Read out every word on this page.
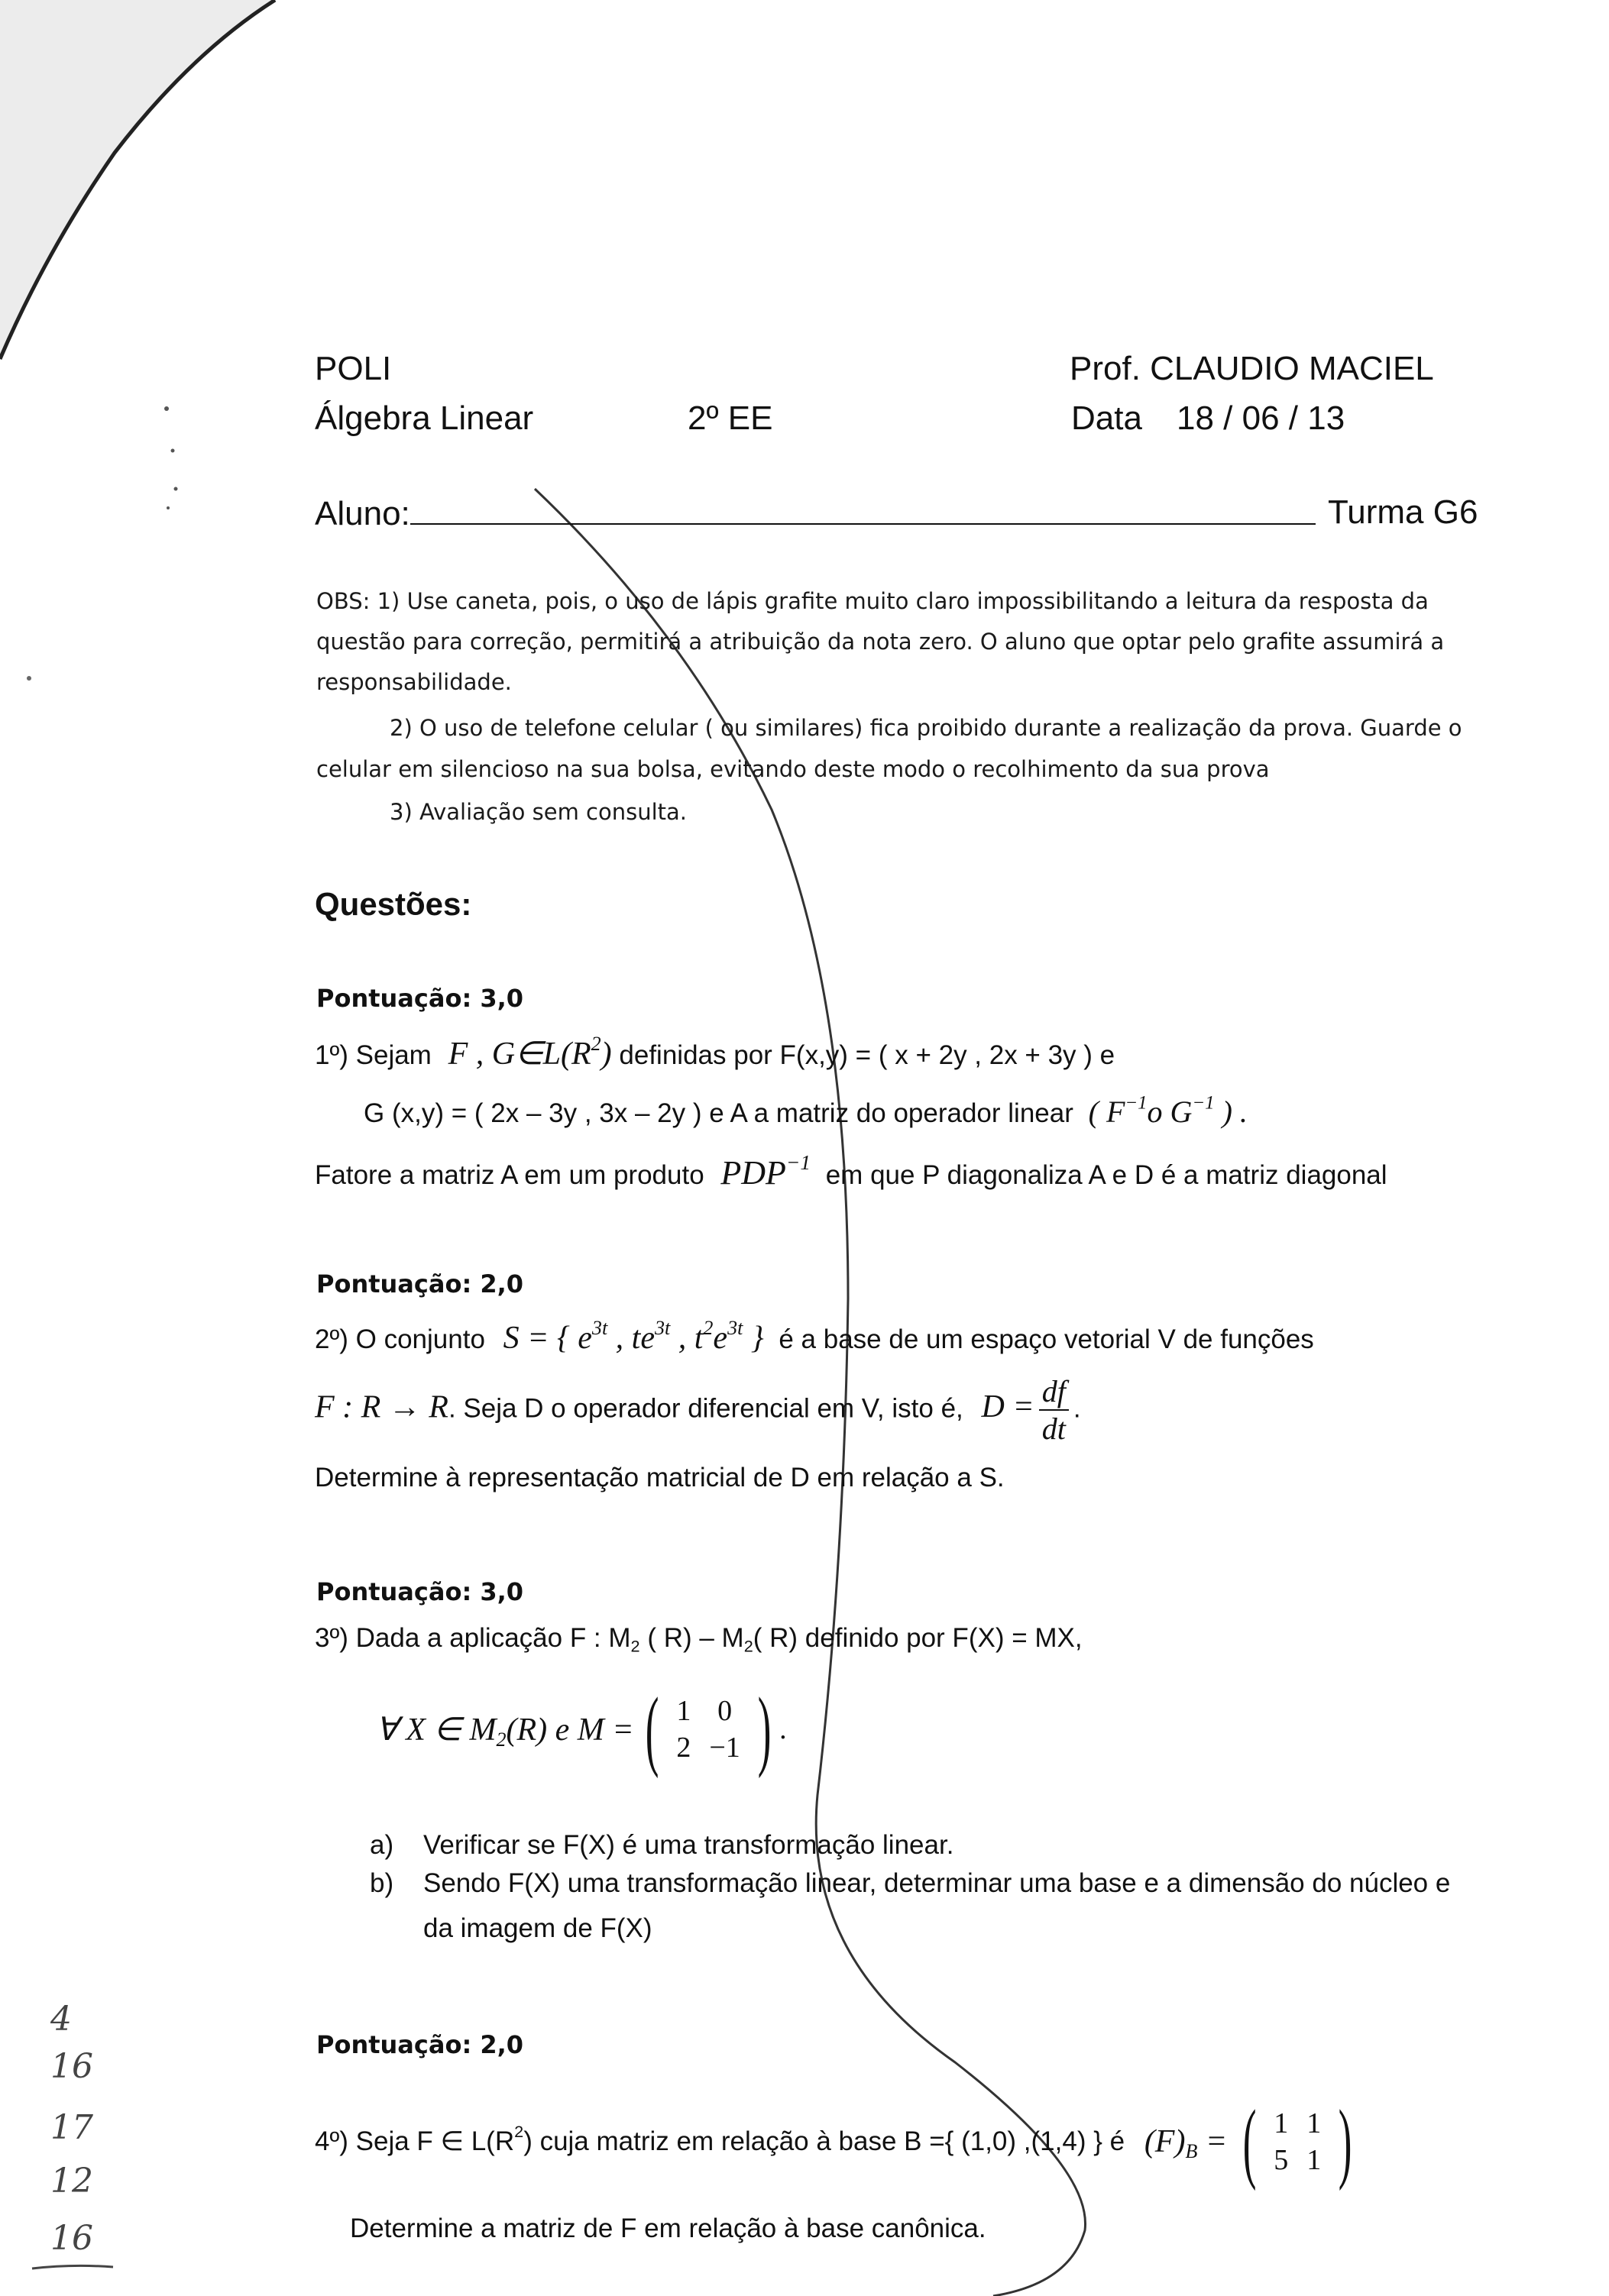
POLI
Álgebra Linear	2º EE
Prof. CLAUDIO MACIEL
Data 18 / 06 / 13
Aluno:	Turma G6
OBS: 1) Use caneta, pois, o uso de lápis grafite muito claro impossibilitando a leitura da resposta da
questão para correção, permitirá a atribuição da nota zero. O aluno que optar pelo grafite assumirá a
responsabilidade.
2) O uso de telefone celular ( ou similares) fica proibido durante a realização da prova. Guarde o
celular em silencioso na sua bolsa, evitando deste modo o recolhimento da sua prova
3) Avaliação sem consulta.
Questões:
Pontuação: 3,0
1º) Sejam F , $G\in L(R^2)$ definidas por F(x,y) = ( x + 2y , 2x + 3y ) e
G (x,y) = ( 2x – 3y , 3x – 2y ) e A a matriz do operador linear ( $F^{-1}o$ $G^{-1}$ ) .
Fatore a matriz A em um produto $PDP^{-1}$ em que P diagonaliza A e D é a matriz diagonal
Pontuação: 2,0
2º) O conjunto S = { $e^{3t}$ , $te^{3t}$ , $t^2e^{3t}$ } é a base de um espaço vetorial V de funções
F : R → R. Seja D o operador diferencial em V, isto é, $D = \frac{df}{dt}$ .
Determine à representação matricial de D em relação a S.
Pontuação: 3,0
3º) Dada a aplicação F : $M_2$ ( $R) - M_2$( R) definido por F(X) = MX,
∀ X ∈ $M_2(R)$ e M = ( 1	0
2	−1 ) .
a) Verificar se F(X) é uma transformação linear.
b) Sendo F(X) uma transformação linear, determinar uma base e a dimensão do núcleo e
da imagem de F(X)
Pontuação: 2,0
4º) Seja F ∈ $L(R^2)$ cuja matriz em relação à base B ={ (1,0) ,(1,4) } é $(F)_B$ = ( 1	1
5	1 )
Determine a matriz de F em relação à base canônica.
4
16
17
12
16
